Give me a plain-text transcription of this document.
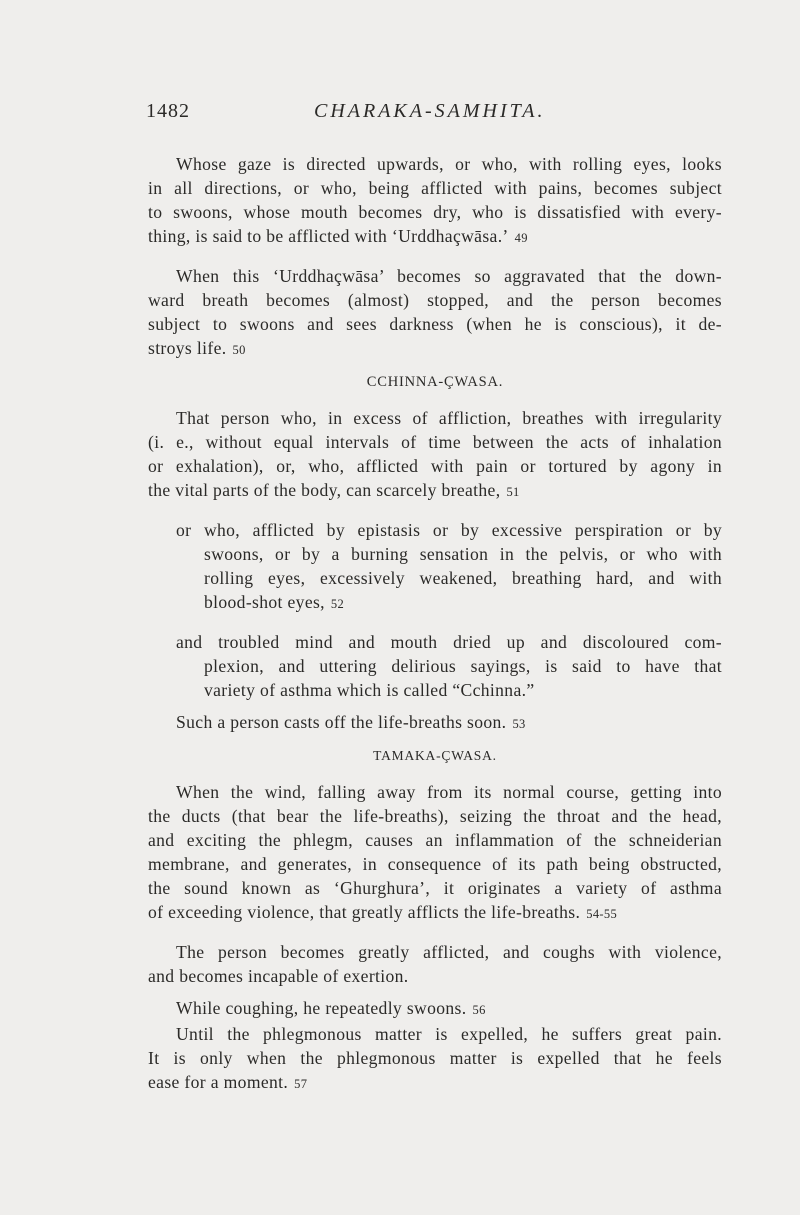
1482	CHARAKA-SAMHITA.

Whose gaze is directed upwards, or who, with rolling eyes, looks
in all directions, or who, being afflicted with pains, becomes subject
to swoons, whose mouth becomes dry, who is dissatisfied with every-
thing, is said to be afflicted with ‘Urddhaçwāsa.’ 49

When this ‘Urddhaçwāsa’ becomes so aggravated that the down-
ward breath becomes (almost) stopped, and the person becomes
subject to swoons and sees darkness (when he is conscious), it de-
stroys life. 50

CCHINNA-ÇWASA.

That person who, in excess of affliction, breathes with irregularity
(i. e., without equal intervals of time between the acts of inhalation
or exhalation), or, who, afflicted with pain or tortured by agony in
the vital parts of the body, can scarcely breathe, 51

or who, afflicted by epistasis or by excessive perspiration or by
swoons, or by a burning sensation in the pelvis, or who with
rolling eyes, excessively weakened, breathing hard, and with
blood-shot eyes, 52

and troubled mind and mouth dried up and discoloured com-
plexion, and uttering delirious sayings, is said to have that
variety of asthma which is called “Cchinna.”

Such a person casts off the life-breaths soon. 53

TAMAKA-ÇWASA.

When the wind, falling away from its normal course, getting into
the ducts (that bear the life-breaths), seizing the throat and the head,
and exciting the phlegm, causes an inflammation of the schneiderian
membrane, and generates, in consequence of its path being obstructed,
the sound known as ‘Ghurghura’, it originates a variety of asthma
of exceeding violence, that greatly afflicts the life-breaths. 54-55

The person becomes greatly afflicted, and coughs with violence,
and becomes incapable of exertion.

While coughing, he repeatedly swoons. 56

Until the phlegmonous matter is expelled, he suffers great pain.
It is only when the phlegmonous matter is expelled that he feels
ease for a moment. 57
